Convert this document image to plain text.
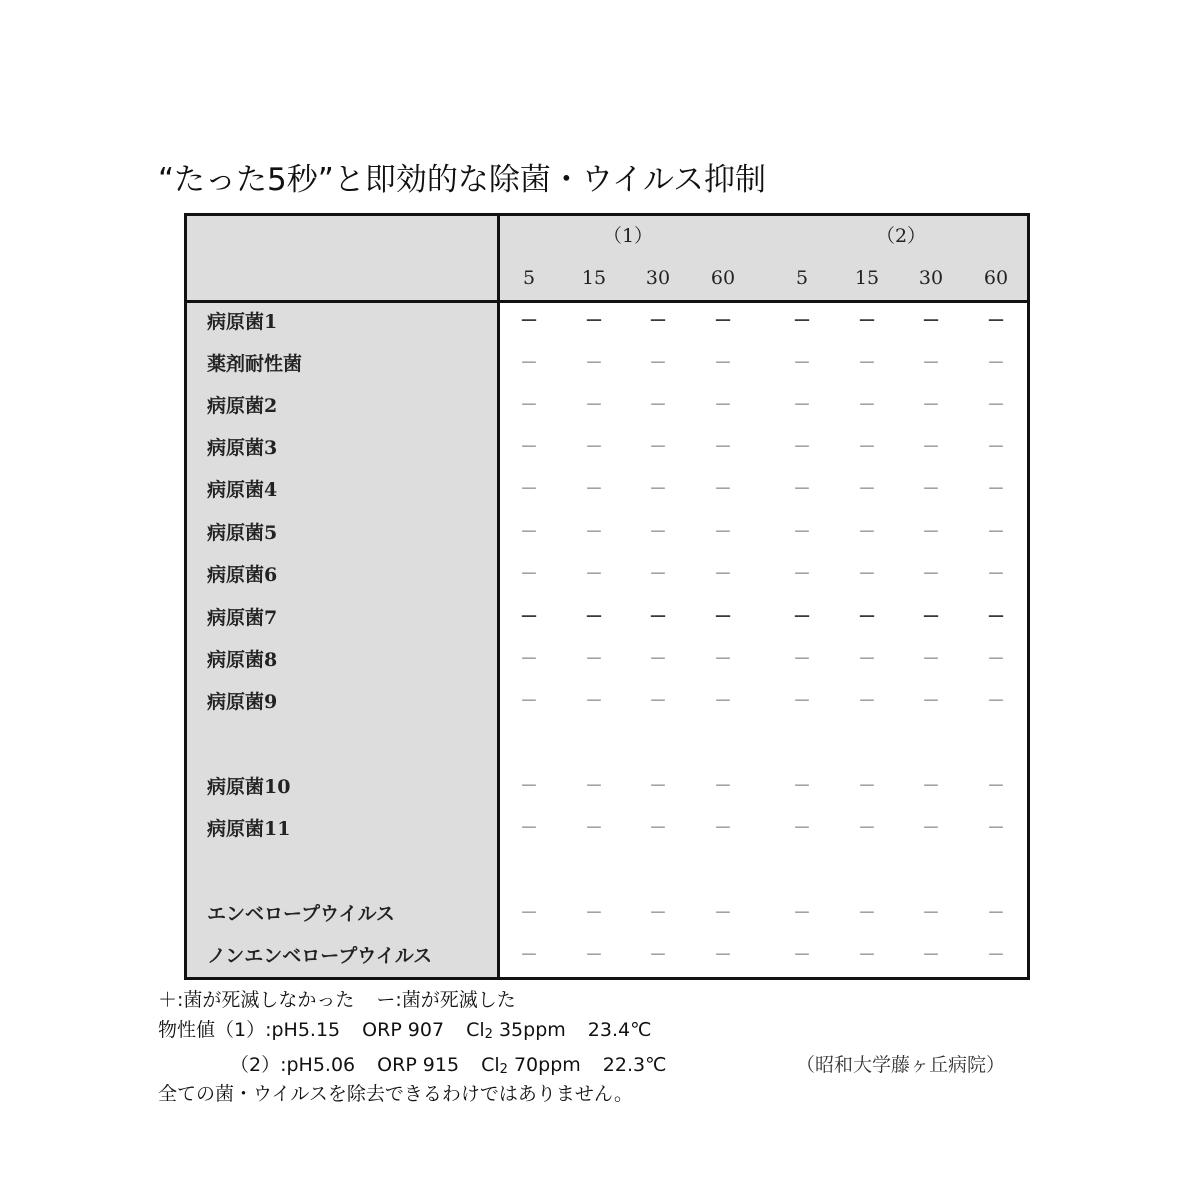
“たった5秒”と即効的な除菌・ウイルス抑制
（1）	（2）
5	15	30	60	5	15	30	60
病原菌1	－	－	－	－	－	－	－	－
薬剤耐性菌	－	－	－	－	－	－	－	－
病原菌2	－	－	－	－	－	－	－	－
病原菌3	－	－	－	－	－	－	－	－
病原菌4	－	－	－	－	－	－	－	－
病原菌5	－	－	－	－	－	－	－	－
病原菌6	－	－	－	－	－	－	－	－
病原菌7	－	－	－	－	－	－	－	－
病原菌8	－	－	－	－	－	－	－	－
病原菌9	－	－	－	－	－	－	－	－
病原菌10	－	－	－	－	－	－	－	－
病原菌11	－	－	－	－	－	－	－	－
エンベロープウイルス	－	－	－	－	－	－	－	－
ノンエンベロープウイルス	－	－	－	－	－	－	－	－
＋:菌が死滅しなかった ー:菌が死滅した
物性値（1）:pH5.15 ORP 907 $Cl_2$ 35ppm 23.4℃
（2）:pH5.06 ORP 915 $Cl_2$ 70ppm 22.3℃	（昭和大学藤ヶ丘病院）
全ての菌・ウイルスを除去できるわけではありません。
